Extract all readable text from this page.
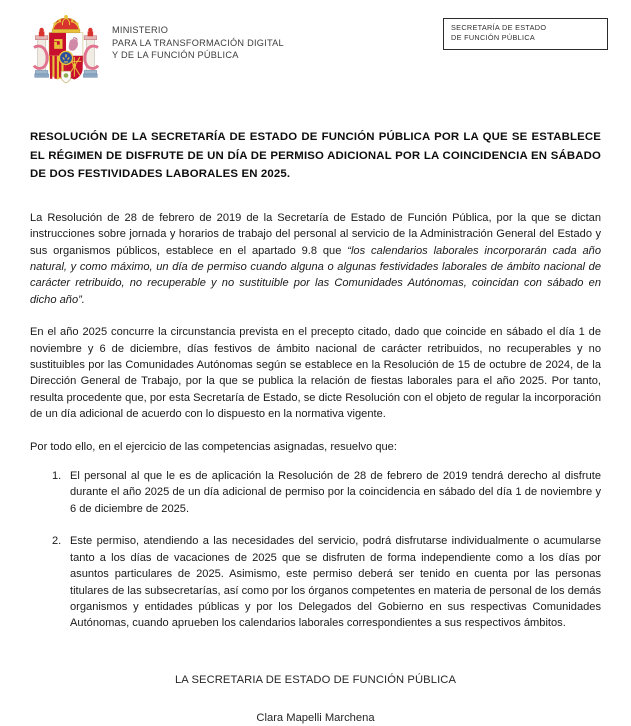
MINISTERIO
PARA LA TRANSFORMACIÓN DIGITAL
Y DE LA FUNCIÓN PÚBLICA
SECRETARÍA DE ESTADO
DE FUNCIÓN PÚBLICA
RESOLUCIÓN DE LA SECRETARÍA DE ESTADO DE FUNCIÓN PÚBLICA POR LA QUE SE ESTABLECE EL RÉGIMEN DE DISFRUTE DE UN DÍA DE PERMISO ADICIONAL POR LA COINCIDENCIA EN SÁBADO DE DOS FESTIVIDADES LABORALES EN 2025.

La Resolución de 28 de febrero de 2019 de la Secretaría de Estado de Función Pública, por la que se dictan instrucciones sobre jornada y horarios de trabajo del personal al servicio de la Administración General del Estado y sus organismos públicos, establece en el apartado 9.8 que “los calendarios laborales incorporarán cada año natural, y como máximo, un día de permiso cuando alguna o algunas festividades laborales de ámbito nacional de carácter retribuido, no recuperable y no sustituible por las Comunidades Autónomas, coincidan con sábado en dicho año”.

En el año 2025 concurre la circunstancia prevista en el precepto citado, dado que coincide en sábado el día 1 de noviembre y 6 de diciembre, días festivos de ámbito nacional de carácter retribuidos, no recuperables y no sustituibles por las Comunidades Autónomas según se establece en la Resolución de 15 de octubre de 2024, de la Dirección General de Trabajo, por la que se publica la relación de fiestas laborales para el año 2025. Por tanto, resulta procedente que, por esta Secretaría de Estado, se dicte Resolución con el objeto de regular la incorporación de un día adicional de acuerdo con lo dispuesto en la normativa vigente.

Por todo ello, en el ejercicio de las competencias asignadas, resuelvo que:

El personal al que le es de aplicación la Resolución de 28 de febrero de 2019 tendrá derecho al disfrute durante el año 2025 de un día adicional de permiso por la coincidencia en sábado del día 1 de noviembre y 6 de diciembre de 2025.
Este permiso, atendiendo a las necesidades del servicio, podrá disfrutarse individualmente o acumularse tanto a los días de vacaciones de 2025 que se disfruten de forma independiente como a los días por asuntos particulares de 2025. Asimismo, este permiso deberá ser tenido en cuenta por las personas titulares de las subsecretarías, así como por los órganos competentes en materia de personal de los demás organismos y entidades públicas y por los Delegados del Gobierno en sus respectivas Comunidades Autónomas, cuando aprueben los calendarios laborales correspondientes a sus respectivos ámbitos.

LA SECRETARIA DE ESTADO DE FUNCIÓN PÚBLICA

Clara Mapelli Marchena
